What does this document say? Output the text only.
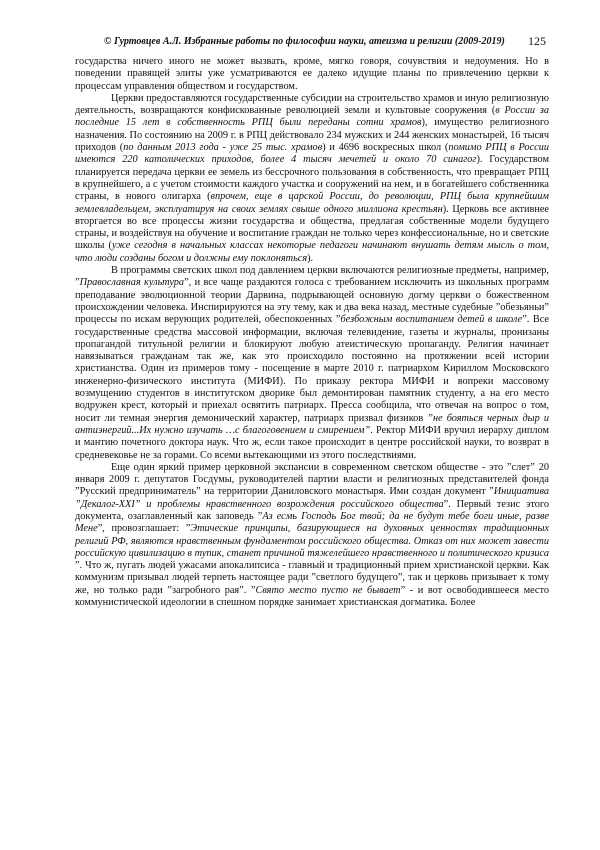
© Гуртовцев А.Л. Избранные работы по философии науки, атеизма и религии (2009-2019) 125

государства ничего иного не может вызвать, кроме, мягко говоря, сочувствия и недоумения. Но в поведении правящей элиты уже усматриваются ее далеко идущие планы по привлечению церкви к процессам управления обществом и государством.

Церкви предоставляются государственные субсидии на строительство храмов и иную религиозную деятельность, возвращаются конфискованные революцией земли и культовые сооружения (в России за последние 15 лет в собственность РПЦ были переданы сотни храмов), имущество религиозного назначения. По состоянию на 2009 г. в РПЦ действовало 234 мужских и 244 женских монастырей, 16 тысяч приходов (по данным 2013 года - уже 25 тыс. храмов) и 4696 воскресных школ (помимо РПЦ в России имеются 220 католических приходов, более 4 тысяч мечетей и около 70 синагог). Государством планируется передача церкви ее земель из бессрочного пользования в собственность, что превращает РПЦ в крупнейшего, а с учетом стоимости каждого участка и сооружений на нем, и в богатейшего собственника страны, в нового олигарха (впрочем, еще в царской России, до революции, РПЦ была крупнейшим землевладельцем, эксплуатируя на своих землях свыше одного миллиона крестьян). Церковь все активнее вторгается во все процессы жизни государства и общества, предлагая собственные модели будущего страны, и воздействуя на обучение и воспитание граждан не только через конфессиональные, но и светские школы (уже сегодня в начальных классах некоторые педагоги начинают внушать детям мысль о том, что люди созданы богом и должны ему поклоняться).

В программы светских школ под давлением церкви включаются религиозные предметы, например, ”Православная культура”, и все чаще раздаются голоса с требованием исключить из школьных программ преподавание эволюционной теории Дарвина, подрывающей основную догму церкви о божественном происхождении человека. Инспирируются на эту тему, как и два века назад, местные судебные ”обезьяньи” процессы по искам верующих родителей, обеспокоенных ”безбожным воспитанием детей в школе”. Все государственные средства массовой информации, включая телевидение, газеты и журналы, пронизаны пропагандой титульной религии и блокируют любую атеистическую пропаганду. Религия начинает навязываться гражданам так же, как это происходило постоянно на протяжении всей истории христианства. Один из примеров тому - посещение в марте 2010 г. патриархом Кириллом Московского инженерно-физического института (МИФИ). По приказу ректора МИФИ и вопреки массовому возмущению студентов в институтском дворике был демонтирован памятник студенту, а на его место водружен крест, который и приехал освятить патриарх. Пресса сообщила, что отвечая на вопрос о том, носит ли темная энергия демонический характер, патриарх призвал физиков ”не бояться черных дыр и антиэнергий...Их нужно изучать …с благоговением и смирением”. Ректор МИФИ вручил иерарху диплом и мантию почетного доктора наук. Что ж, если такое происходит в центре российской науки, то возврат в средневековье не за горами. Со всеми вытекающими из этого последствиями.

Еще один яркий пример церковной экспансии в современном светском обществе - это ”слет” 20 января 2009 г. депутатов Госдумы, руководителей партии власти и религиозных представителей фонда ”Русский предприниматель” на территории Даниловского монастыря. Ими создан документ ”Инициатива ”Декалог-XXI” и проблемы нравственного возрождения российского общества”. Первый тезис этого документа, озаглавленный как заповедь ”Аз есмь Господь Бог твой; да не будут тебе боги иные, разве Мене”, провозглашает: ”Этические принципы, базирующиеся на духовных ценностях традиционных религий РФ, являются нравственным фундаментом российского общества. Отказ от них может завести российскую цивилизацию в тупик, станет причиной тяжелейшего нравственного и политического кризиса ”. Что ж, пугать людей ужасами апокалипсиса - главный и традиционный прием христианской церкви. Как коммунизм призывал людей терпеть настоящее ради ”светлого будущего”, так и церковь призывает к тому же, но только ради ”загробного рая”. ”Свято место пусто не бывает” - и вот освободившееся место коммунистической идеологии в спешном порядке занимает христианская догматика. Более
